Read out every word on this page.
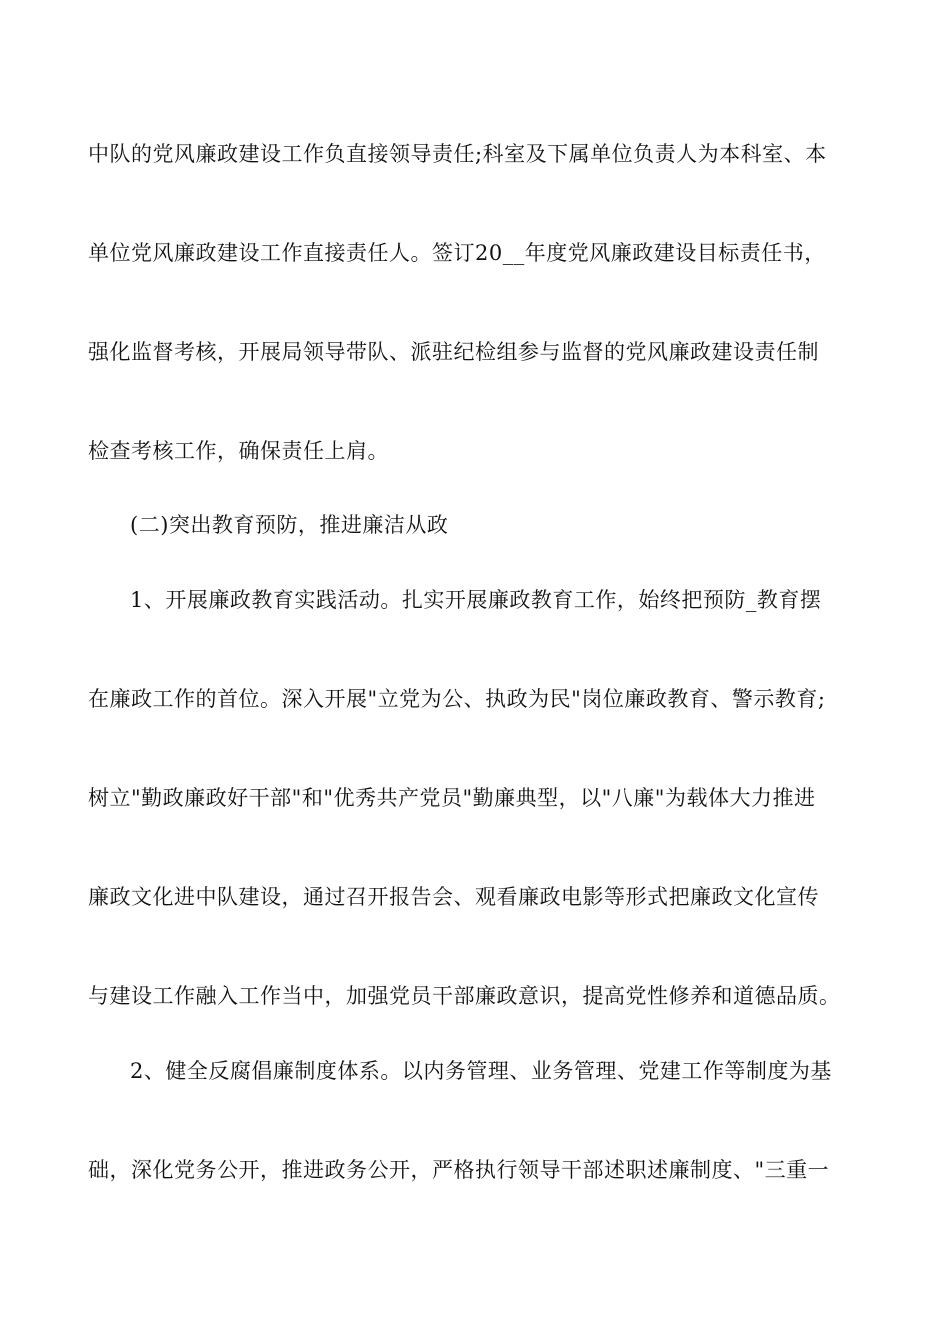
中队的党风廉政建设工作负直接领导责任;科室及下属单位负责人为本科室、本
单位党风廉政建设工作直接责任人。签订20__年度党风廉政建设目标责任书，
强化监督考核，开展局领导带队、派驻纪检组参与监督的党风廉政建设责任制
检查考核工作，确保责任上肩。
(二)突出教育预防，推进廉洁从政
1、开展廉政教育实践活动。扎实开展廉政教育工作，始终把预防_教育摆
在廉政工作的首位。深入开展"立党为公、执政为民"岗位廉政教育、警示教育;
树立"勤政廉政好干部"和"优秀共产党员"勤廉典型，以"八廉"为载体大力推进
廉政文化进中队建设，通过召开报告会、观看廉政电影等形式把廉政文化宣传
与建设工作融入工作当中，加强党员干部廉政意识，提高党性修养和道德品质。
2、健全反腐倡廉制度体系。以内务管理、业务管理、党建工作等制度为基
础，深化党务公开，推进政务公开，严格执行领导干部述职述廉制度、"三重一
